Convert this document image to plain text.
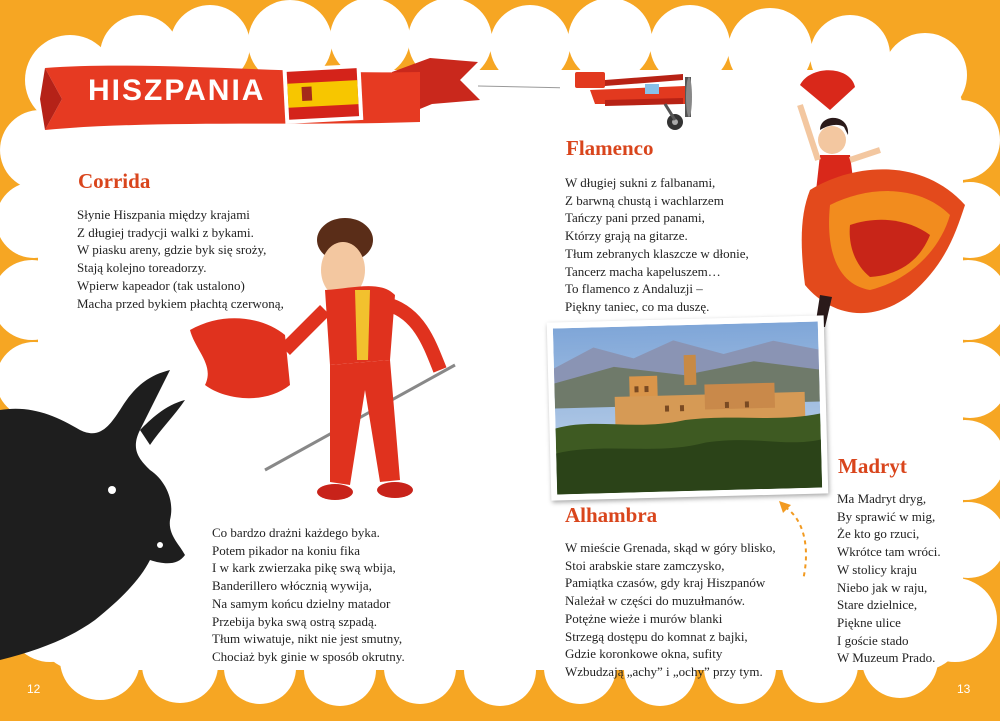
HISZPANIA
Corrida
Słynie Hiszpania między krajami
Z długiej tradycji walki z bykami.
W piasku areny, gdzie byk się sroży,
Stają kolejno toreadorzy.
Wpierw kapeador (tak ustalono)
Macha przed bykiem płachtą czerwoną,
Co bardzo drażni każdego byka.
Potem pikador na koniu fika
I w kark zwierzaka pikę swą wbija,
Banderillero włócznią wywija,
Na samym końcu dzielny matador
Przebija byka swą ostrą szpadą.
Tłum wiwatuje, nikt nie jest smutny,
Chociaż byk ginie w sposób okrutny.
Flamenco
W długiej sukni z falbanami,
Z barwną chustą i wachlarzem
Tańczy pani przed panami,
Którzy grają na gitarze.
Tłum zebranych klaszcze w dłonie,
Tancerz macha kapeluszem…
To flamenco z Andaluzji –
Piękny taniec, co ma duszę.
Alhambra
W mieście Grenada, skąd w góry blisko,
Stoi arabskie stare zamczysko,
Pamiątka czasów, gdy kraj Hiszpanów
Należał w części do muzułmanów.
Potężne wieże i murów blanki
Strzegą dostępu do komnat z bajki,
Gdzie koronkowe okna, sufity
Wzbudzają „achy” i „ochy” przy tym.
Madryt
Ma Madryt dryg,
By sprawić w mig,
Że kto go rzuci,
Wkrótce tam wróci.
W stolicy kraju
Niebo jak w raju,
Stare dzielnice,
Piękne ulice
I goście stado
W Muzeum Prado.
12	13
